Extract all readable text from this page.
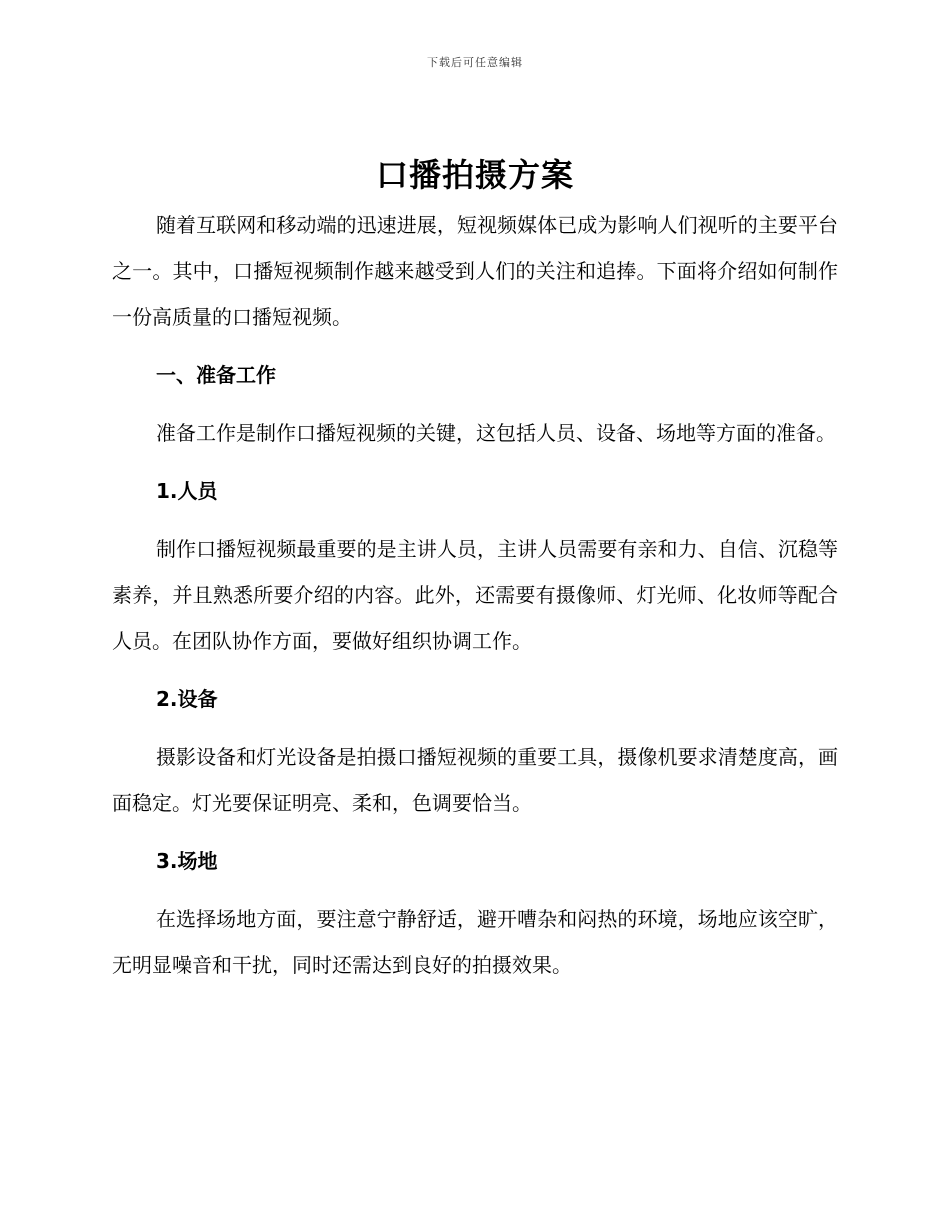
下载后可任意编辑
口播拍摄方案

随着互联网和移动端的迅速进展，短视频媒体已成为影响人们视听的主要平台之一。其中，口播短视频制作越来越受到人们的关注和追捧。下面将介绍如何制作一份高质量的口播短视频。

一、准备工作

准备工作是制作口播短视频的关键，这包括人员、设备、场地等方面的准备。

1.人员

制作口播短视频最重要的是主讲人员，主讲人员需要有亲和力、自信、沉稳等素养，并且熟悉所要介绍的内容。此外，还需要有摄像师、灯光师、化妆师等配合人员。在团队协作方面，要做好组织协调工作。

2.设备

摄影设备和灯光设备是拍摄口播短视频的重要工具，摄像机要求清楚度高，画面稳定。灯光要保证明亮、柔和，色调要恰当。

3.场地

在选择场地方面，要注意宁静舒适，避开嘈杂和闷热的环境，场地应该空旷，无明显噪音和干扰，同时还需达到良好的拍摄效果。
